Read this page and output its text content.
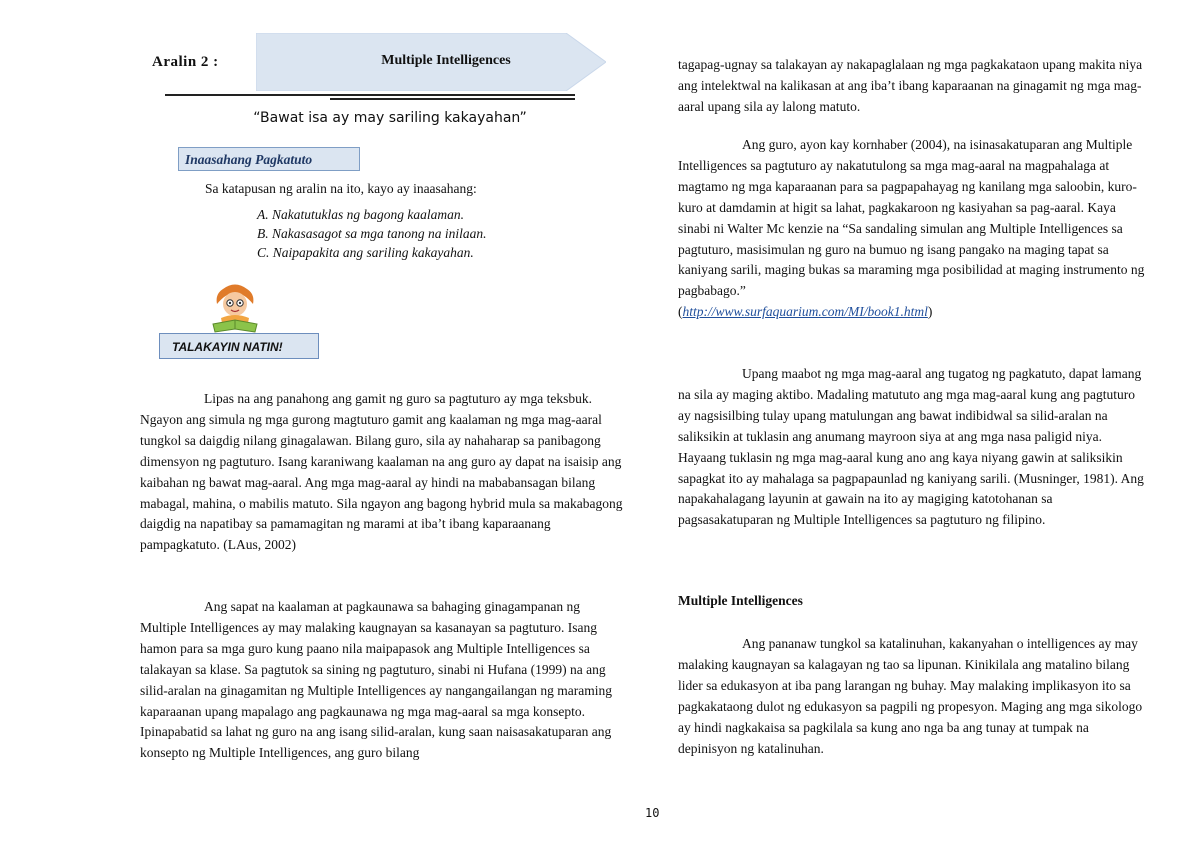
Aralin 2 :	Multiple Intelligences
“Bawat isa ay may sariling kakayahan”
Inaasahang Pagkatuto
Sa katapusan ng aralin na ito, kayo ay inaasahang:
A. Nakatutuklas ng bagong kaalaman.
B. Nakasasagot sa mga tanong na inilaan.
C. Naipapakita ang sariling kakayahan.
TALAKAYIN NATIN!

Lipas na ang panahong ang gamit ng guro sa pagtuturo ay mga teksbuk. Ngayon ang simula ng mga gurong magtuturo gamit ang kaalaman ng mga mag-aaral tungkol sa daigdig nilang ginagalawan. Bilang guro, sila ay nahaharap sa panibagong dimensyon ng pagtuturo. Isang karaniwang kaalaman na ang guro ay dapat na isaisip ang kaibahan ng bawat mag-aaral. Ang mga mag-aaral ay hindi na mababansagan bilang mabagal, mahina, o mabilis matuto. Sila ngayon ang bagong hybrid mula sa makabagong daigdig na napatibay sa pamamagitan ng marami at iba’t ibang kaparaanang pampagkatuto. (LAus, 2002)

Ang sapat na kaalaman at pagkaunawa sa bahaging ginagampanan ng Multiple Intelligences ay may malaking kaugnayan sa kasanayan sa pagtuturo. Isang hamon para sa mga guro kung paano nila maipapasok ang Multiple Intelligences sa talakayan sa klase. Sa pagtutok sa sining ng pagtuturo, sinabi ni Hufana (1999) na ang silid-aralan na ginagamitan ng Multiple Intelligences ay nangangailangan ng maraming kaparaanan upang mapalago ang pagkaunawa ng mga mag-aaral sa mga konsepto. Ipinapabatid sa lahat ng guro na ang isang silid-aralan, kung saan naisasakatuparan ang konsepto ng Multiple Intelligences, ang guro bilang

tagapag-ugnay sa talakayan ay nakapaglalaan ng mga pagkakataon upang makita niya ang intelektwal na kalikasan at ang iba’t ibang kaparaanan na ginagamit ng mga mag-aaral upang sila ay lalong matuto.

Ang guro, ayon kay kornhaber (2004), na isinasakatuparan ang Multiple Intelligences sa pagtuturo ay nakatutulong sa mga mag-aaral na magpahalaga at magtamo ng mga kaparaanan para sa pagpapahayag ng kanilang mga saloobin, kuro-kuro at damdamin at higit sa lahat, pagkakaroon ng kasiyahan sa pag-aaral. Kaya sinabi ni Walter Mc kenzie na “Sa sandaling simulan ang Multiple Intelligences sa pagtuturo, masisimulan ng guro na bumuo ng isang pangako na maging tapat sa kaniyang sarili, maging bukas sa maraming mga posibilidad at maging instrumento ng pagbabago.”
(http://www.surfaquarium.com/MI/book1.html)

Upang maabot ng mga mag-aaral ang tugatog ng pagkatuto, dapat lamang na sila ay maging aktibo. Madaling matututo ang mga mag-aaral kung ang pagtuturo ay nagsisilbing tulay upang matulungan ang bawat indibidwal sa silid-aralan na saliksikin at tuklasin ang anumang mayroon siya at ang mga nasa paligid niya. Hayaang tuklasin ng mga mag-aaral kung ano ang kaya niyang gawin at saliksikin sapagkat ito ay mahalaga sa pagpapaunlad ng kaniyang sarili. (Musninger, 1981). Ang napakahalagang layunin at gawain na ito ay magiging katotohanan sa pagsasakatuparan ng Multiple Intelligences sa pagtuturo ng filipino.

Multiple Intelligences

Ang pananaw tungkol sa katalinuhan, kakanyahan o intelligences ay may malaking kaugnayan sa kalagayan ng tao sa lipunan. Kinikilala ang matalino bilang lider sa edukasyon at iba pang larangan ng buhay. May malaking implikasyon ito sa pagkakataong dulot ng edukasyon sa pagpili ng propesyon. Maging ang mga sikologo ay hindi nagkakaisa sa pagkilala sa kung ano nga ba ang tunay at tumpak na depinisyon ng katalinuhan.

10
